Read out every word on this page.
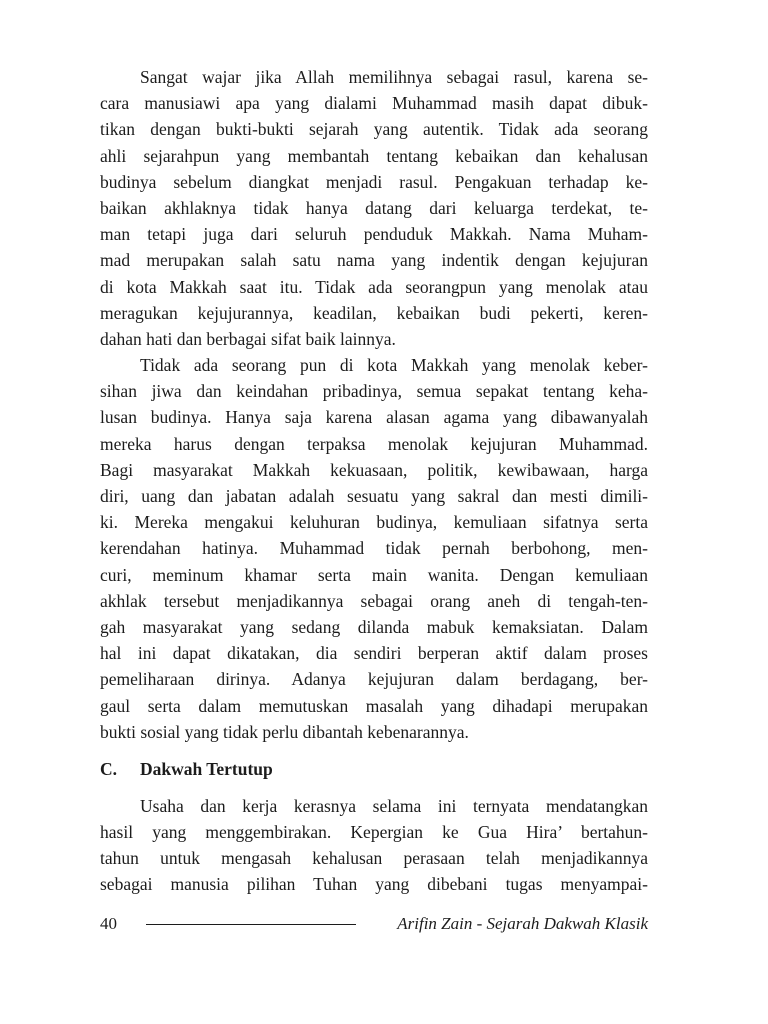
Sangat wajar jika Allah memilihnya sebagai rasul, karena se-
cara manusiawi apa yang dialami Muhammad masih dapat dibuk-
tikan dengan bukti-bukti sejarah yang autentik. Tidak ada seorang
ahli sejarahpun yang membantah tentang kebaikan dan kehalusan
budinya sebelum diangkat menjadi rasul. Pengakuan terhadap ke-
baikan akhlaknya tidak hanya datang dari keluarga terdekat, te-
man tetapi juga dari seluruh penduduk Makkah. Nama Muham-
mad merupakan salah satu nama yang indentik dengan kejujuran
di kota Makkah saat itu. Tidak ada seorangpun yang menolak atau
meragukan kejujurannya, keadilan, kebaikan budi pekerti, keren-
dahan hati dan berbagai sifat baik lainnya.
Tidak ada seorang pun di kota Makkah yang menolak keber-
sihan jiwa dan keindahan pribadinya, semua sepakat tentang keha-
lusan budinya. Hanya saja karena alasan agama yang dibawanyalah
mereka harus dengan terpaksa menolak kejujuran Muhammad.
Bagi masyarakat Makkah kekuasaan, politik, kewibawaan, harga
diri, uang dan jabatan adalah sesuatu yang sakral dan mesti dimili-
ki. Mereka mengakui keluhuran budinya, kemuliaan sifatnya serta
kerendahan hatinya. Muhammad tidak pernah berbohong, men-
curi, meminum khamar serta main wanita. Dengan kemuliaan
akhlak tersebut menjadikannya sebagai orang aneh di tengah-ten-
gah masyarakat yang sedang dilanda mabuk kemaksiatan. Dalam
hal ini dapat dikatakan, dia sendiri berperan aktif dalam proses
pemeliharaan dirinya. Adanya kejujuran dalam berdagang, ber-
gaul serta dalam memutuskan masalah yang dihadapi merupakan
bukti sosial yang tidak perlu dibantah kebenarannya.
C.	Dakwah Tertutup
Usaha dan kerja kerasnya selama ini ternyata mendatangkan
hasil yang menggembirakan. Kepergian ke Gua Hira’ bertahun-
tahun untuk mengasah kehalusan perasaan telah menjadikannya
sebagai manusia pilihan Tuhan yang dibebani tugas menyampai-
40	Arifin Zain - Sejarah Dakwah Klasik
